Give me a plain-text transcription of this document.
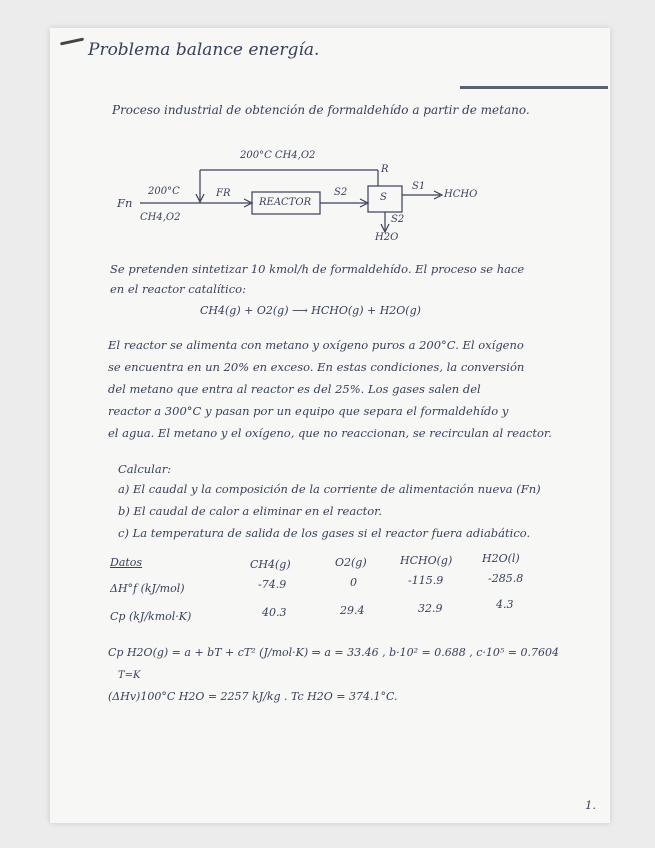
Problema balance energía.
Proceso industrial de obtención de formaldehído a partir de metano.
200°C CH4,O2
R
Fn
200°C
CH4,O2
FR
REACTOR
S2	S
S1
HCHO
S2
H2O
Se pretenden sintetizar 10 kmol/h de formaldehído. El proceso se hace
en el reactor catalítico:
CH4(g) + O2(g) ⟶ HCHO(g) + H2O(g)
El reactor se alimenta con metano y oxígeno puros a 200°C. El oxígeno
se encuentra en un 20% en exceso. En estas condiciones, la conversión
del metano que entra al reactor es del 25%. Los gases salen del
reactor a 300°C y pasan por un equipo que separa el formaldehído y
el agua. El metano y el oxígeno, que no reaccionan, se recirculan al reactor.
Calcular:
a) El caudal y la composición de la corriente de alimentación nueva (Fn)
b) El caudal de calor a eliminar en el reactor.
c) La temperatura de salida de los gases si el reactor fuera adiabático.
Datos	CH4(g)	O2(g)	HCHO(g)	H2O(l)
ΔH°f (kJ/mol)	-74.9	0	-115.9	-285.8
Cp (kJ/kmol·K)	40.3	29.4	32.9	4.3
Cp H2O(g) = a + bT + cT² (J/mol·K) ⇒ a = 33.46 , b·10² = 0.688 , c·10⁵ = 0.7604
T=K
(ΔHv)100°C H2O = 2257 kJ/kg . Tc H2O = 374.1°C.
1.
